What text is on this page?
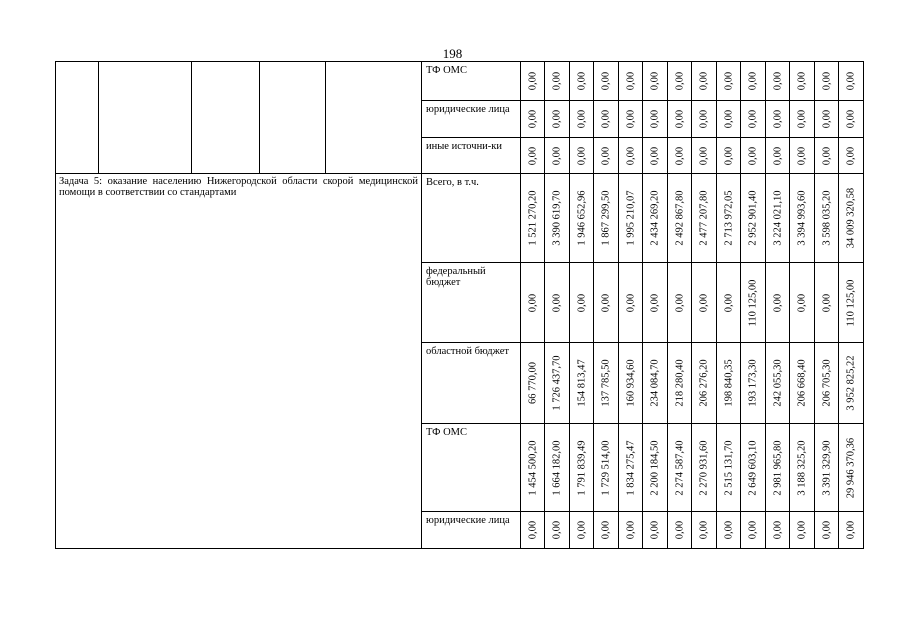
198

					ТФ ОМС	0,00	0,00	0,00	0,00	0,00	0,00	0,00	0,00	0,00	0,00	0,00	0,00	0,00	0,00

					юридические лица	0,00	0,00	0,00	0,00	0,00	0,00	0,00	0,00	0,00	0,00	0,00	0,00	0,00	0,00

					иные источни-ки	0,00	0,00	0,00	0,00	0,00	0,00	0,00	0,00	0,00	0,00	0,00	0,00	0,00	0,00

Задача 5: оказание населению Нижегородской области скорой медицинской помощи в соответствии со стандартами					Всего, в т.ч.	1 521 270,20	3 390 619,70	1 946 652,96	1 867 299,50	1 995 210,07	2 434 269,20	2 492 867,80	2 477 207,80	2 713 972,05	2 952 901,40	3 224 021,10	3 394 993,60	3 598 035,20	34 009 320,58

					федеральный бюджет	0,00	0,00	0,00	0,00	0,00	0,00	0,00	0,00	0,00	110 125,00	0,00	0,00	0,00	110 125,00

					областной бюджет	66 770,00	1 726 437,70	154 813,47	137 785,50	160 934,60	234 084,70	218 280,40	206 276,20	198 840,35	193 173,30	242 055,30	206 668,40	206 705,30	3 952 825,22

					ТФ ОМС	1 454 500,20	1 664 182,00	1 791 839,49	1 729 514,00	1 834 275,47	2 200 184,50	2 274 587,40	2 270 931,60	2 515 131,70	2 649 603,10	2 981 965,80	3 188 325,20	3 391 329,90	29 946 370,36

					юридические лица	0,00	0,00	0,00	0,00	0,00	0,00	0,00	0,00	0,00	0,00	0,00	0,00	0,00	0,00
